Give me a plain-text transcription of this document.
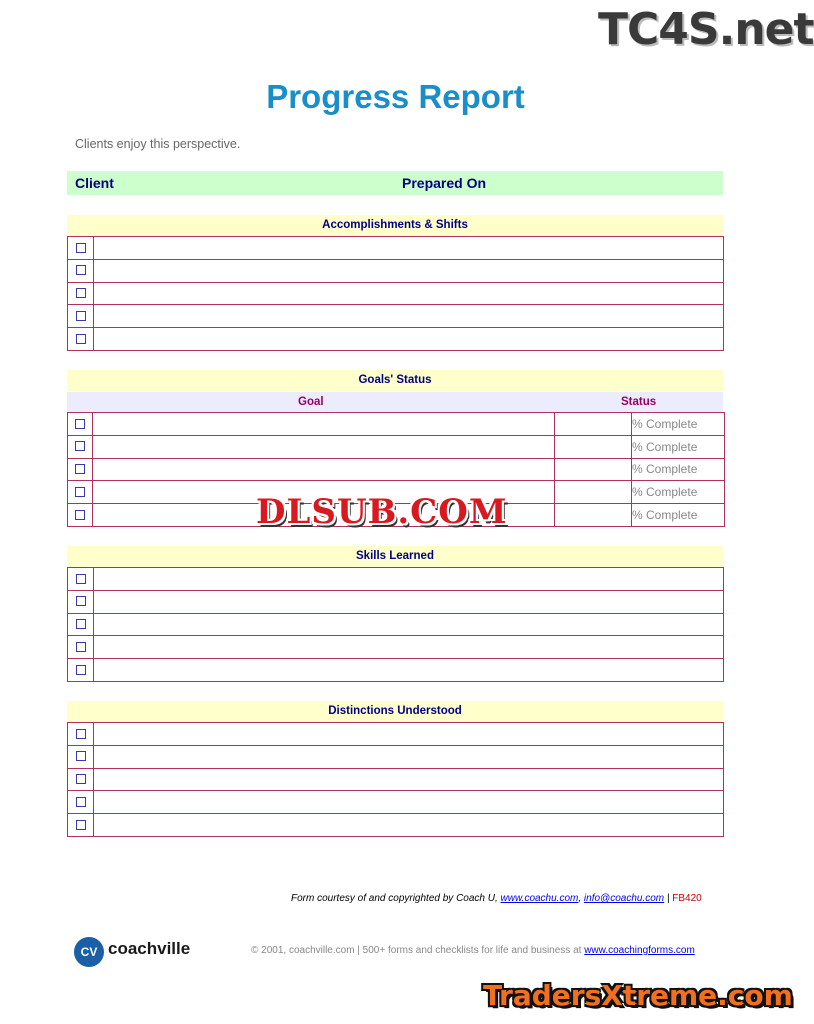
TC4S.net
Progress Report
Clients enjoy this perspective.
Client	Prepared On
Accomplishments & Shifts

Goals' Status
Goal	Status
			% Complete
			% Complete
			% Complete
			% Complete
			% Complete
DLSUB.COM
Skills Learned

Distinctions Understood

Form courtesy of and copyrighted by Coach U, www.coachu.com, info@coachu.com | FB420
CV coachville	© 2001, coachville.com | 500+ forms and checklists for life and business at www.coachingforms.com
TradersXtreme.com
